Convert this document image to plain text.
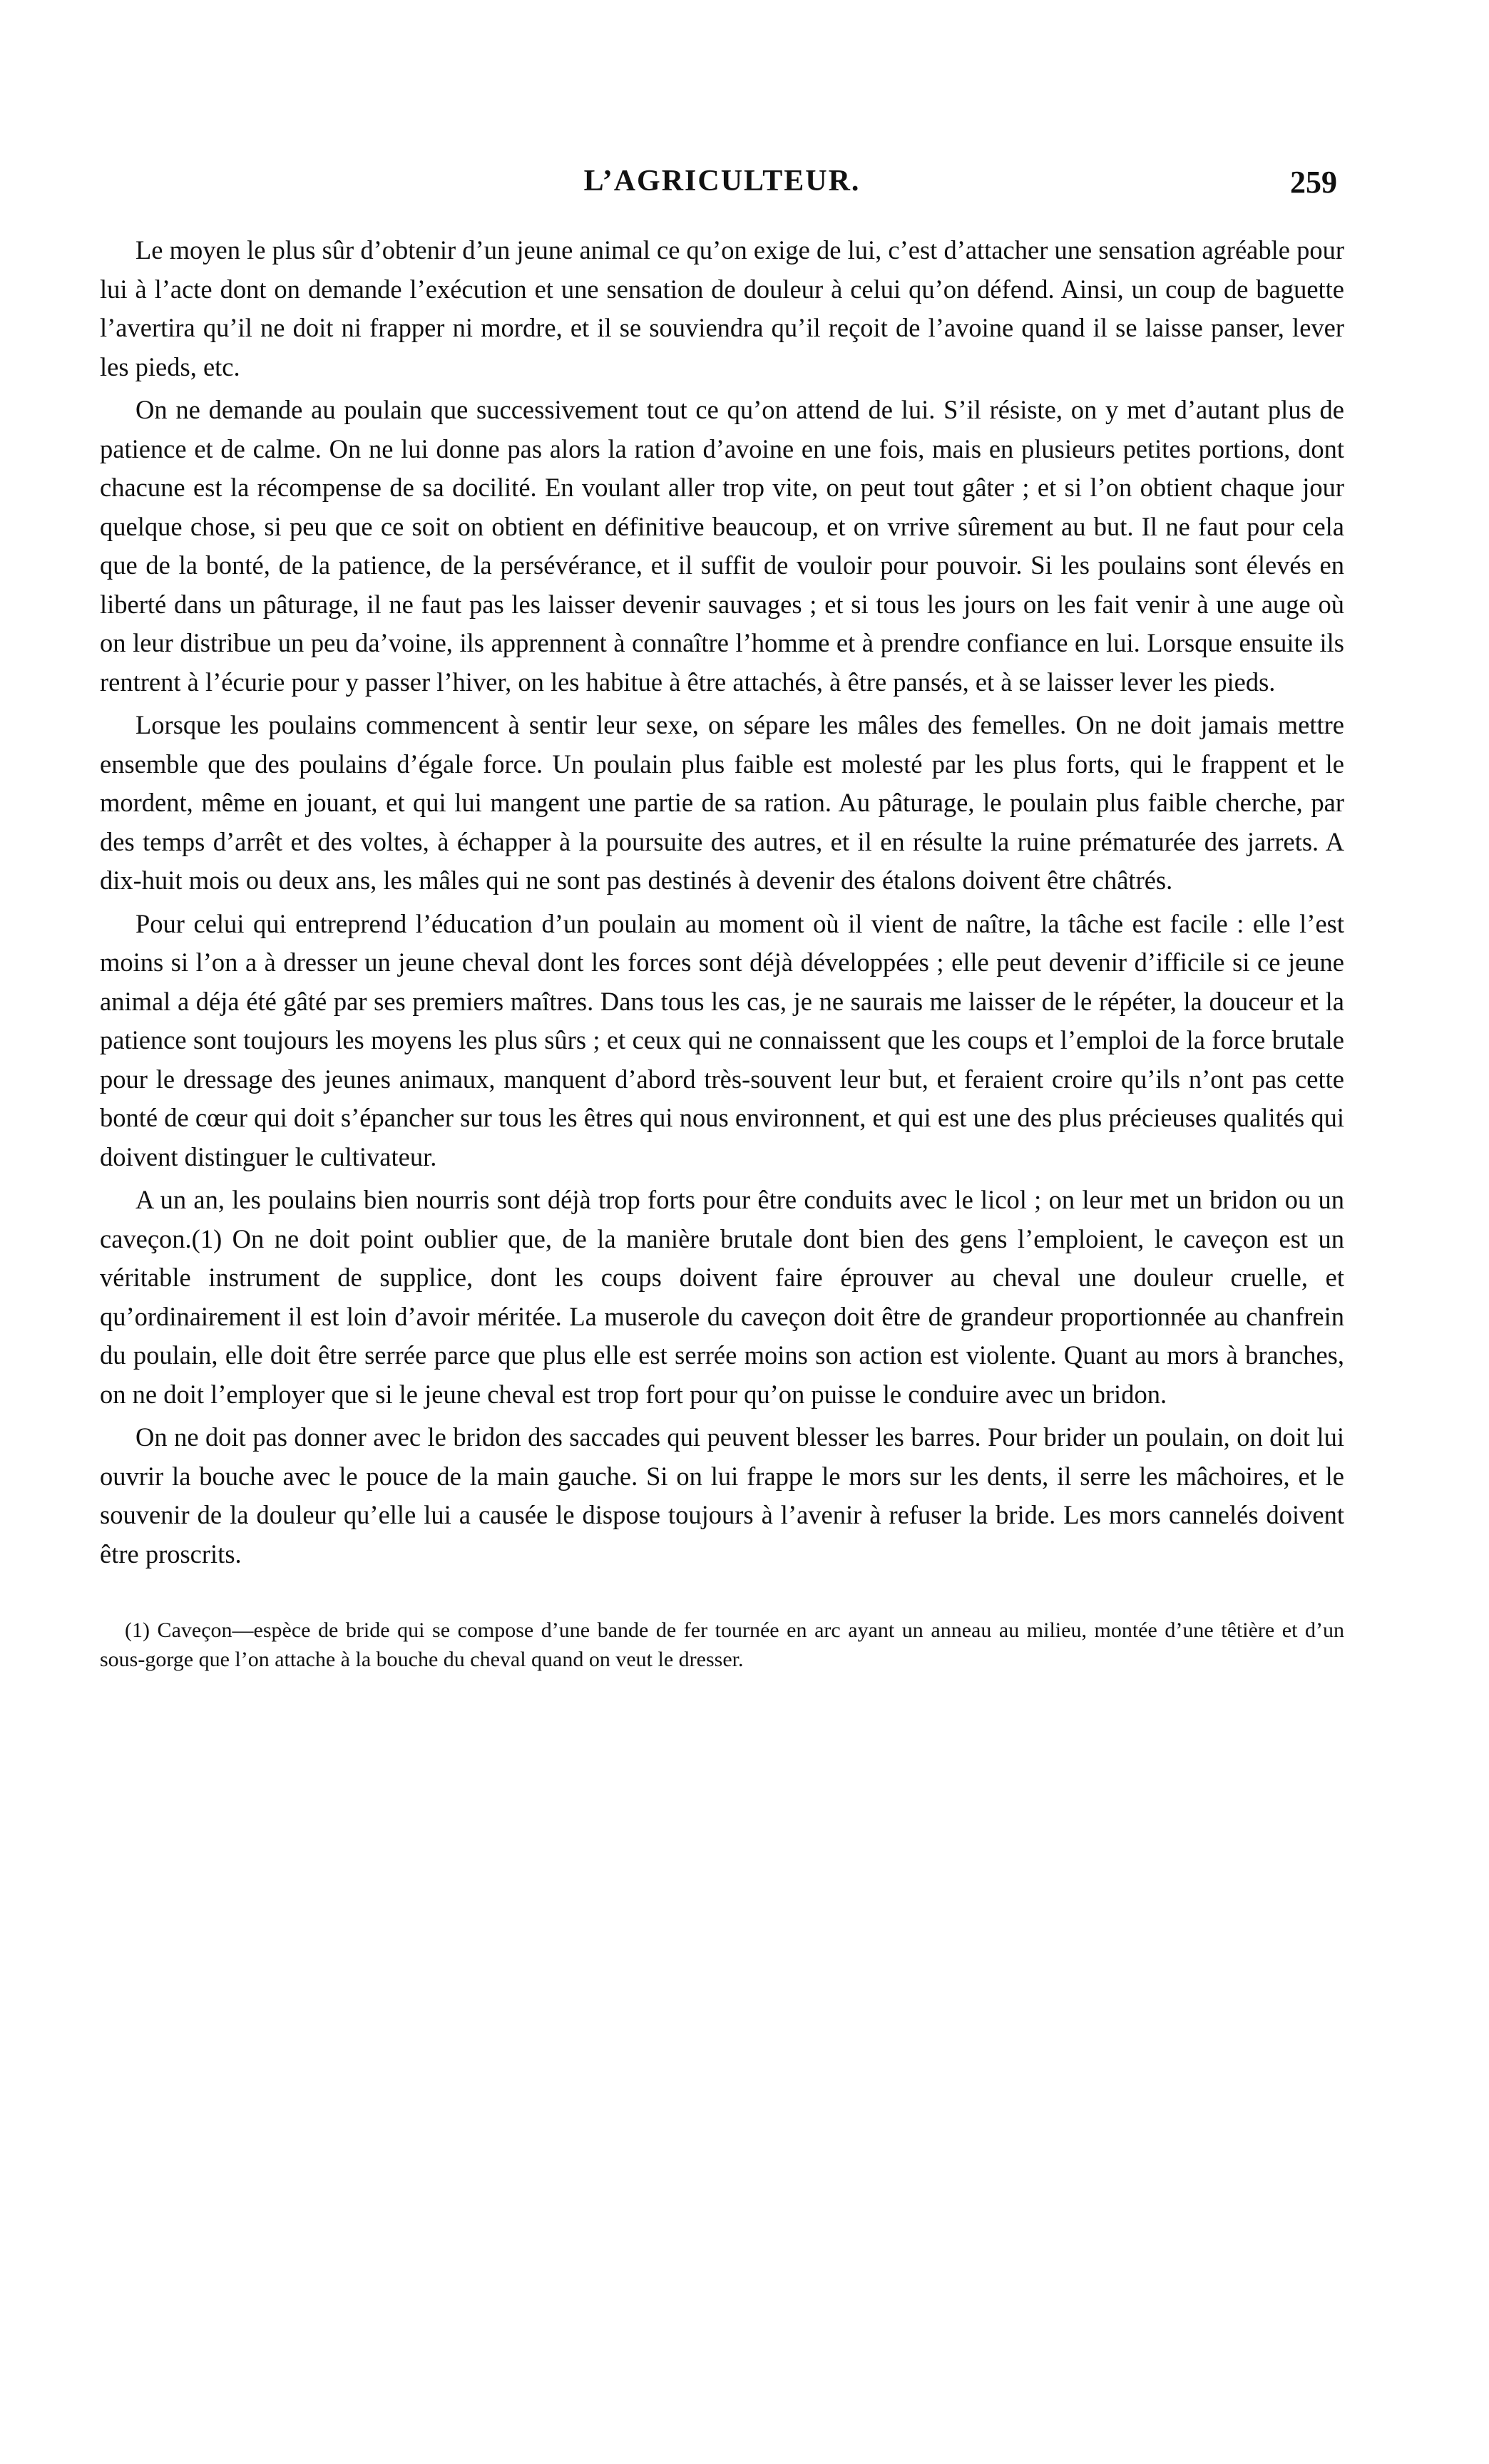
L’AGRICULTEUR.	259

Le moyen le plus sûr d’obtenir d’un jeune animal ce qu’on exige de lui, c’est d’attacher une sensation agréable pour lui à l’acte dont on demande l’exécution et une sensation de douleur à celui qu’on défend. Ainsi, un coup de baguette l’avertira qu’il ne doit ni frapper ni mordre, et il se souviendra qu’il reçoit de l’avoine quand il se laisse panser, lever les pieds, etc.

On ne demande au poulain que successivement tout ce qu’on attend de lui. S’il résiste, on y met d’autant plus de patience et de calme. On ne lui donne pas alors la ration d’avoine en une fois, mais en plusieurs petites portions, dont chacune est la récompense de sa docilité. En voulant aller trop vite, on peut tout gâter ; et si l’on obtient chaque jour quelque chose, si peu que ce soit on obtient en définitive beaucoup, et on vrrive sûrement au but. Il ne faut pour cela que de la bonté, de la patience, de la persévérance, et il suffit de vouloir pour pouvoir. Si les poulains sont élevés en liberté dans un pâturage, il ne faut pas les laisser devenir sauvages ; et si tous les jours on les fait venir à une auge où on leur distribue un peu da’voine, ils apprennent à connaître l’homme et à prendre confiance en lui. Lorsque ensuite ils rentrent à l’écurie pour y passer l’hiver, on les habitue à être attachés, à être pansés, et à se laisser lever les pieds.

Lorsque les poulains commencent à sentir leur sexe, on sépare les mâles des femelles. On ne doit jamais mettre ensemble que des poulains d’égale force. Un poulain plus faible est molesté par les plus forts, qui le frappent et le mordent, même en jouant, et qui lui mangent une partie de sa ration. Au pâturage, le poulain plus faible cherche, par des temps d’arrêt et des voltes, à échapper à la poursuite des autres, et il en résulte la ruine prématurée des jarrets. A dix-huit mois ou deux ans, les mâles qui ne sont pas destinés à devenir des étalons doivent être châtrés.

Pour celui qui entreprend l’éducation d’un poulain au moment où il vient de naître, la tâche est facile : elle l’est moins si l’on a à dresser un jeune cheval dont les forces sont déjà développées ; elle peut devenir d’ifficile si ce jeune animal a déja été gâté par ses premiers maîtres. Dans tous les cas, je ne saurais me laisser de le répéter, la douceur et la patience sont toujours les moyens les plus sûrs ; et ceux qui ne connaissent que les coups et l’emploi de la force brutale pour le dressage des jeunes animaux, manquent d’abord très-souvent leur but, et feraient croire qu’ils n’ont pas cette bonté de cœur qui doit s’épancher sur tous les êtres qui nous environnent, et qui est une des plus précieuses qualités qui doivent distinguer le cultivateur.

A un an, les poulains bien nourris sont déjà trop forts pour être conduits avec le licol ; on leur met un bridon ou un caveçon.(1) On ne doit point oublier que, de la manière brutale dont bien des gens l’emploient, le caveçon est un véritable instrument de supplice, dont les coups doivent faire éprouver au cheval une douleur cruelle, et qu’ordinairement il est loin d’avoir méritée. La muserole du caveçon doit être de grandeur proportionnée au chanfrein du poulain, elle doit être serrée parce que plus elle est serrée moins son action est violente. Quant au mors à branches, on ne doit l’employer que si le jeune cheval est trop fort pour qu’on puisse le conduire avec un bridon.

On ne doit pas donner avec le bridon des saccades qui peuvent blesser les barres. Pour brider un poulain, on doit lui ouvrir la bouche avec le pouce de la main gauche. Si on lui frappe le mors sur les dents, il serre les mâchoires, et le souvenir de la douleur qu’elle lui a causée le dispose toujours à l’avenir à refuser la bride. Les mors cannelés doivent être proscrits.

(1) Caveçon—espèce de bride qui se compose d’une bande de fer tournée en arc ayant un anneau au milieu, montée d’une têtière et d’un sous-gorge que l’on attache à la bouche du cheval quand on veut le dresser.
